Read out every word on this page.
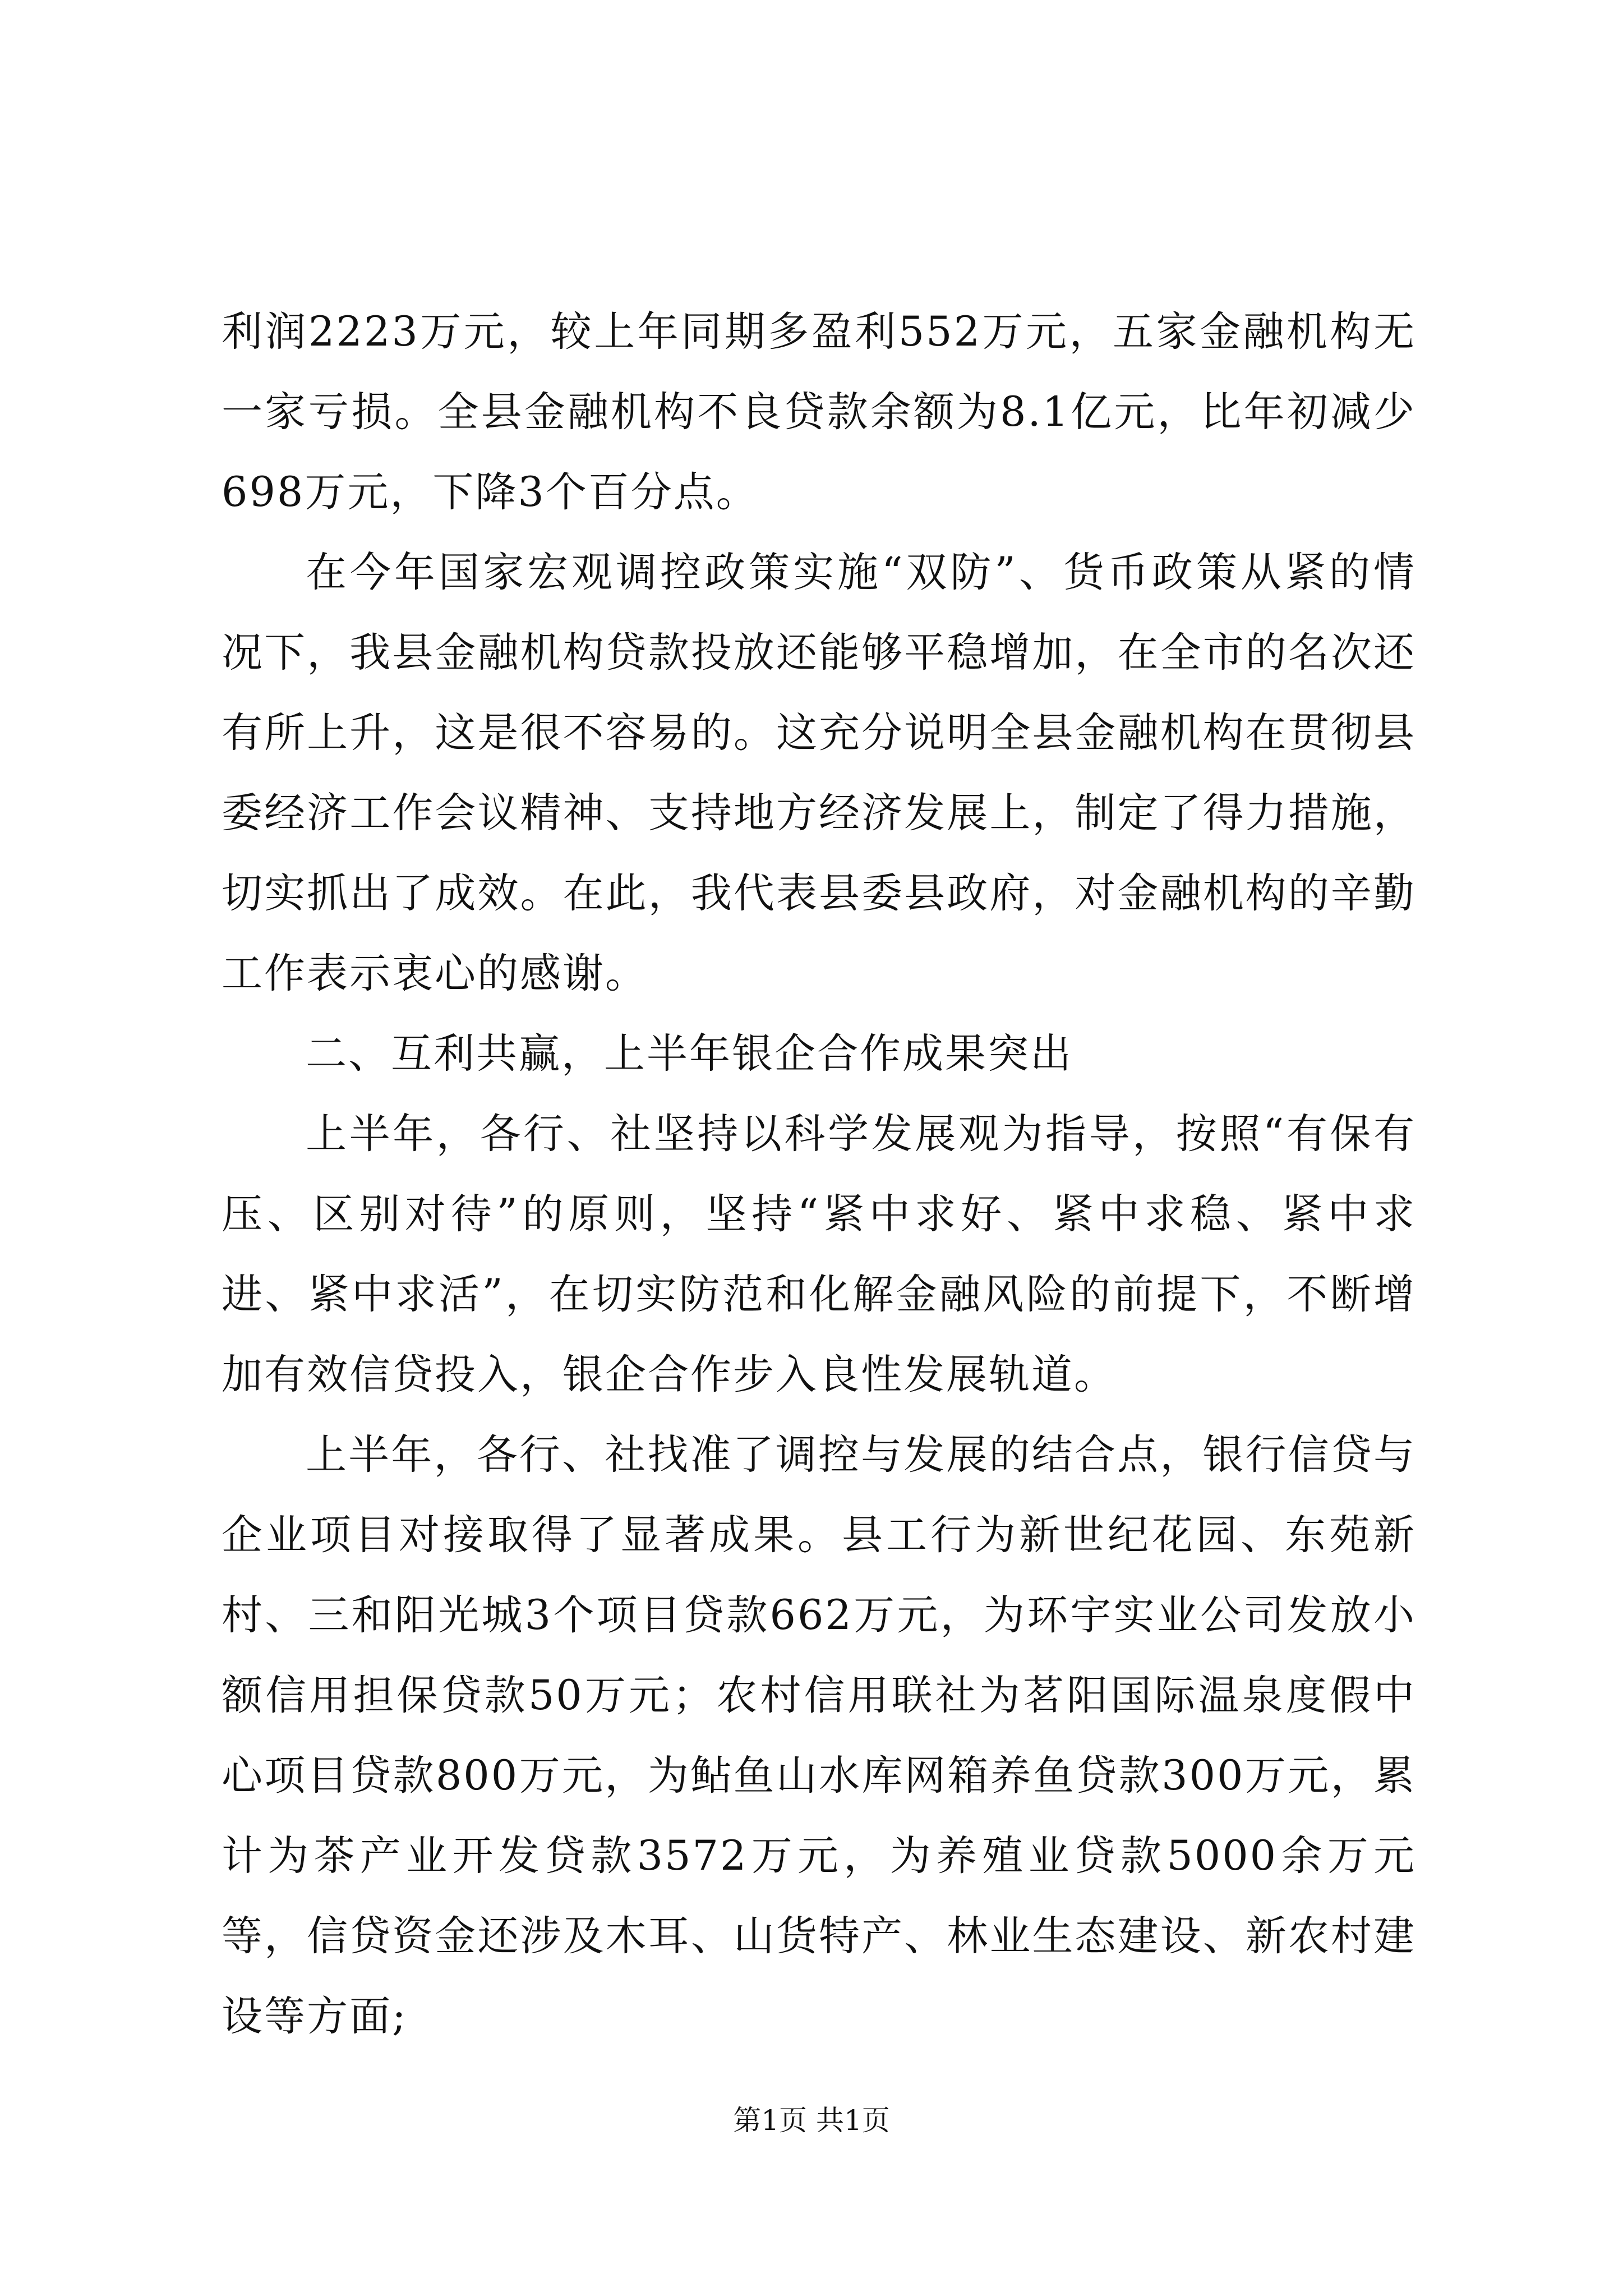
利润2223万元，较上年同期多盈利552万元，五家金融机构无一家亏损。全县金融机构不良贷款余额为8.1亿元，比年初减少698万元，下降3个百分点。

在今年国家宏观调控政策实施“双防”、货币政策从紧的情况下，我县金融机构贷款投放还能够平稳增加，在全市的名次还有所上升，这是很不容易的。这充分说明全县金融机构在贯彻县委经济工作会议精神、支持地方经济发展上，制定了得力措施，切实抓出了成效。在此，我代表县委县政府，对金融机构的辛勤工作表示衷心的感谢。

二、互利共赢，上半年银企合作成果突出

上半年，各行、社坚持以科学发展观为指导，按照“有保有压、区别对待”的原则，坚持“紧中求好、紧中求稳、紧中求进、紧中求活”，在切实防范和化解金融风险的前提下，不断增加有效信贷投入，银企合作步入良性发展轨道。

上半年，各行、社找准了调控与发展的结合点，银行信贷与企业项目对接取得了显著成果。县工行为新世纪花园、东苑新村、三和阳光城3个项目贷款662万元，为环宇实业公司发放小额信用担保贷款50万元；农村信用联社为茗阳国际温泉度假中心项目贷款800万元，为鲇鱼山水库网箱养鱼贷款300万元，累计为茶产业开发贷款3572万元，为养殖业贷款5000余万元等，信贷资金还涉及木耳、山货特产、林业生态建设、新农村建设等方面;

第1页 共1页
